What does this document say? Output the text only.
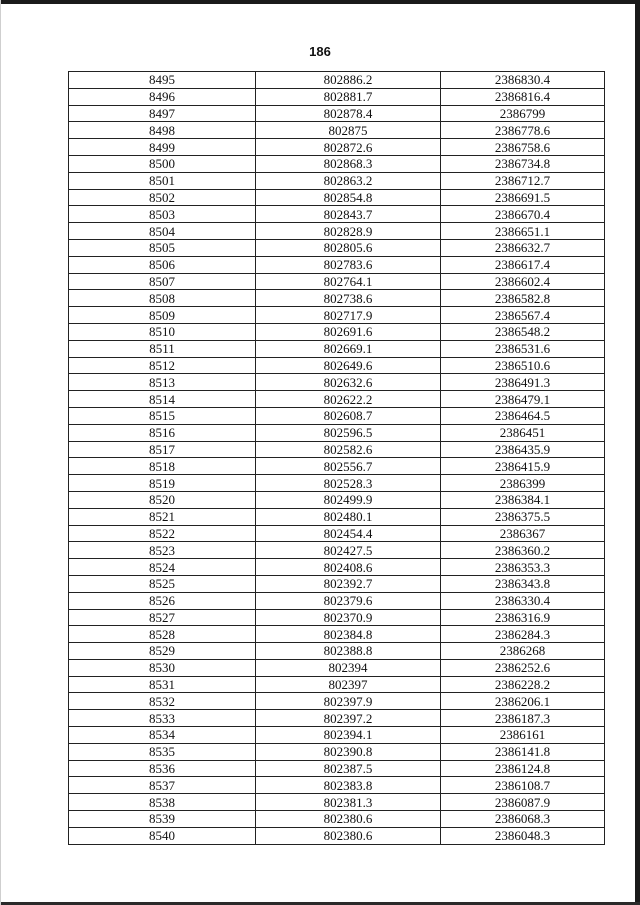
186
8495	802886.2	2386830.4
8496	802881.7	2386816.4
8497	802878.4	2386799
8498	802875	2386778.6
8499	802872.6	2386758.6
8500	802868.3	2386734.8
8501	802863.2	2386712.7
8502	802854.8	2386691.5
8503	802843.7	2386670.4
8504	802828.9	2386651.1
8505	802805.6	2386632.7
8506	802783.6	2386617.4
8507	802764.1	2386602.4
8508	802738.6	2386582.8
8509	802717.9	2386567.4
8510	802691.6	2386548.2
8511	802669.1	2386531.6
8512	802649.6	2386510.6
8513	802632.6	2386491.3
8514	802622.2	2386479.1
8515	802608.7	2386464.5
8516	802596.5	2386451
8517	802582.6	2386435.9
8518	802556.7	2386415.9
8519	802528.3	2386399
8520	802499.9	2386384.1
8521	802480.1	2386375.5
8522	802454.4	2386367
8523	802427.5	2386360.2
8524	802408.6	2386353.3
8525	802392.7	2386343.8
8526	802379.6	2386330.4
8527	802370.9	2386316.9
8528	802384.8	2386284.3
8529	802388.8	2386268
8530	802394	2386252.6
8531	802397	2386228.2
8532	802397.9	2386206.1
8533	802397.2	2386187.3
8534	802394.1	2386161
8535	802390.8	2386141.8
8536	802387.5	2386124.8
8537	802383.8	2386108.7
8538	802381.3	2386087.9
8539	802380.6	2386068.3
8540	802380.6	2386048.3
